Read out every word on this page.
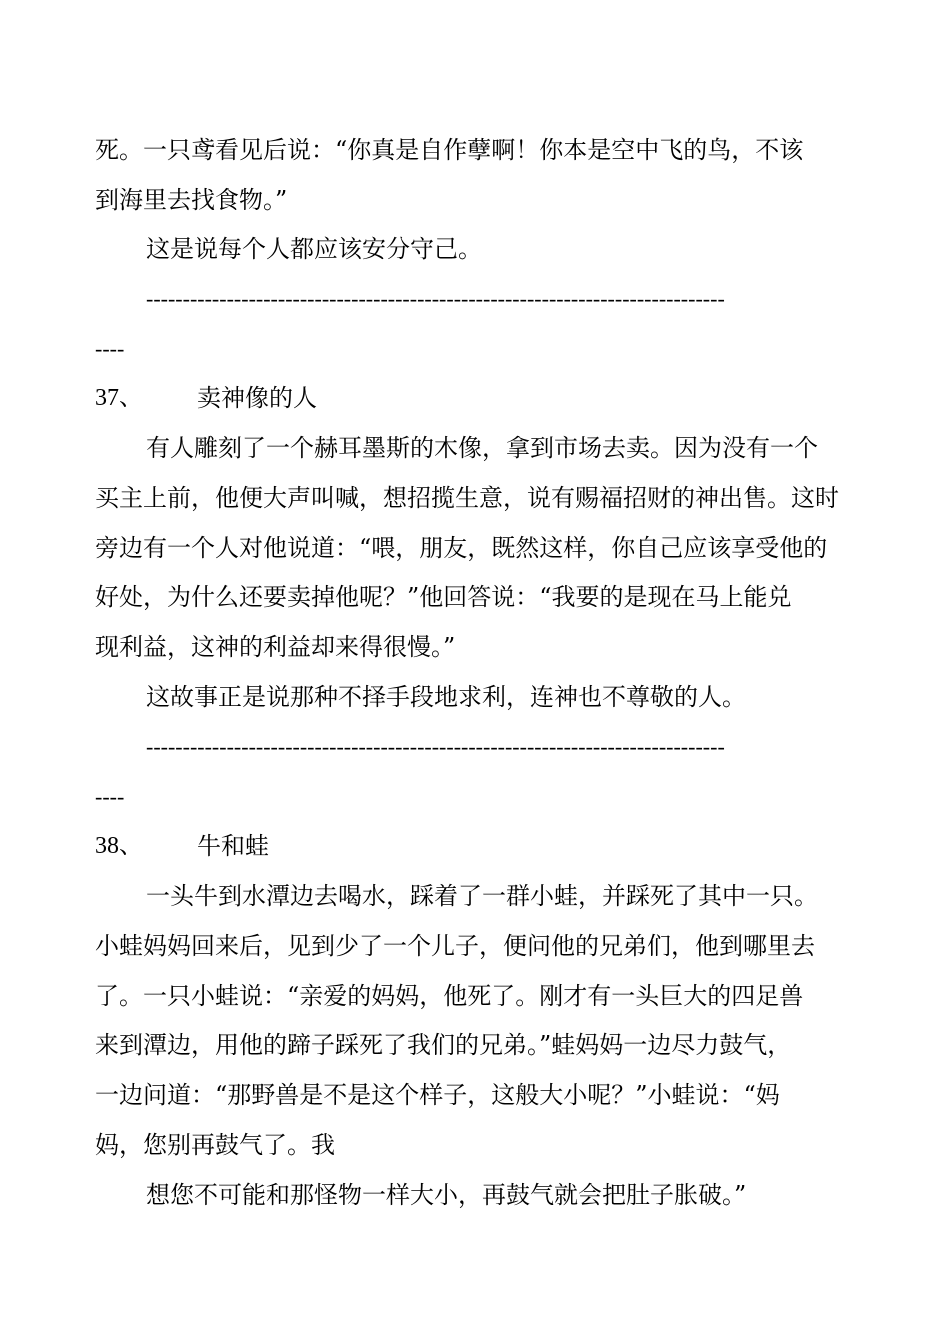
死。一只鸢看见后说：“你真是自作孽啊！你本是空中飞的鸟，不该
到海里去找食物。”
这是说每个人都应该安分守己。
-------------------------------------------------------------------------------
----
37、 卖神像的人
有人雕刻了一个赫耳墨斯的木像，拿到市场去卖。因为没有一个
买主上前，他便大声叫喊，想招揽生意，说有赐福招财的神出售。这时
旁边有一个人对他说道：“喂，朋友，既然这样，你自己应该享受他的
好处，为什么还要卖掉他呢？”他回答说：“我要的是现在马上能兑
现利益，这神的利益却来得很慢。”
这故事正是说那种不择手段地求利，连神也不尊敬的人。
-------------------------------------------------------------------------------
----
38、 牛和蛙
一头牛到水潭边去喝水，踩着了一群小蛙，并踩死了其中一只。
小蛙妈妈回来后，见到少了一个儿子，便问他的兄弟们，他到哪里去
了。一只小蛙说：“亲爱的妈妈，他死了。刚才有一头巨大的四足兽
来到潭边，用他的蹄子踩死了我们的兄弟。”蛙妈妈一边尽力鼓气，
一边问道：“那野兽是不是这个样子，这般大小呢？”小蛙说：“妈
妈，您别再鼓气了。我
想您不可能和那怪物一样大小，再鼓气就会把肚子胀破。”
